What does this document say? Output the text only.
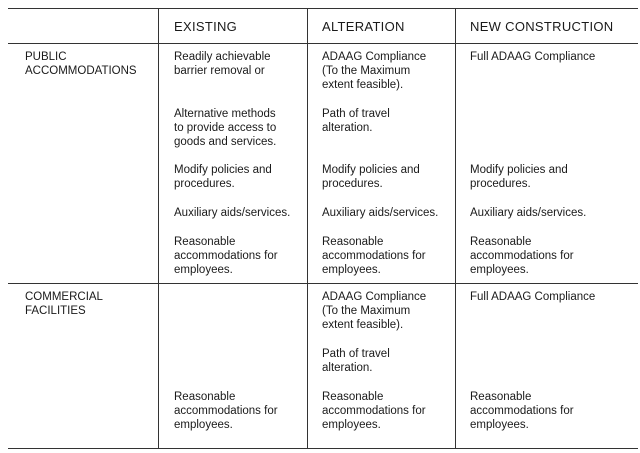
EXISTING	ALTERATION	NEW CONSTRUCTION
PUBLIC
ACCOMMODATIONS
Readily achievable
barrier removal or
Alternative methods
to provide access to
goods and services.
Modify policies and
procedures.
Auxiliary aids/services.
Reasonable
accommodations for
employees.
ADAAG Compliance
(To the Maximum
extent feasible).
Path of travel
alteration.
Modify policies and
procedures.
Auxiliary aids/services.
Reasonable
accommodations for
employees.
Full ADAAG Compliance
Modify policies and
procedures.
Auxiliary aids/services.
Reasonable
accommodations for
employees.
COMMERCIAL
FACILITIES
Reasonable
accommodations for
employees.
ADAAG Compliance
(To the Maximum
extent feasible).
Path of travel
alteration.
Reasonable
accommodations for
employees.
Full ADAAG Compliance
Reasonable
accommodations for
employees.
